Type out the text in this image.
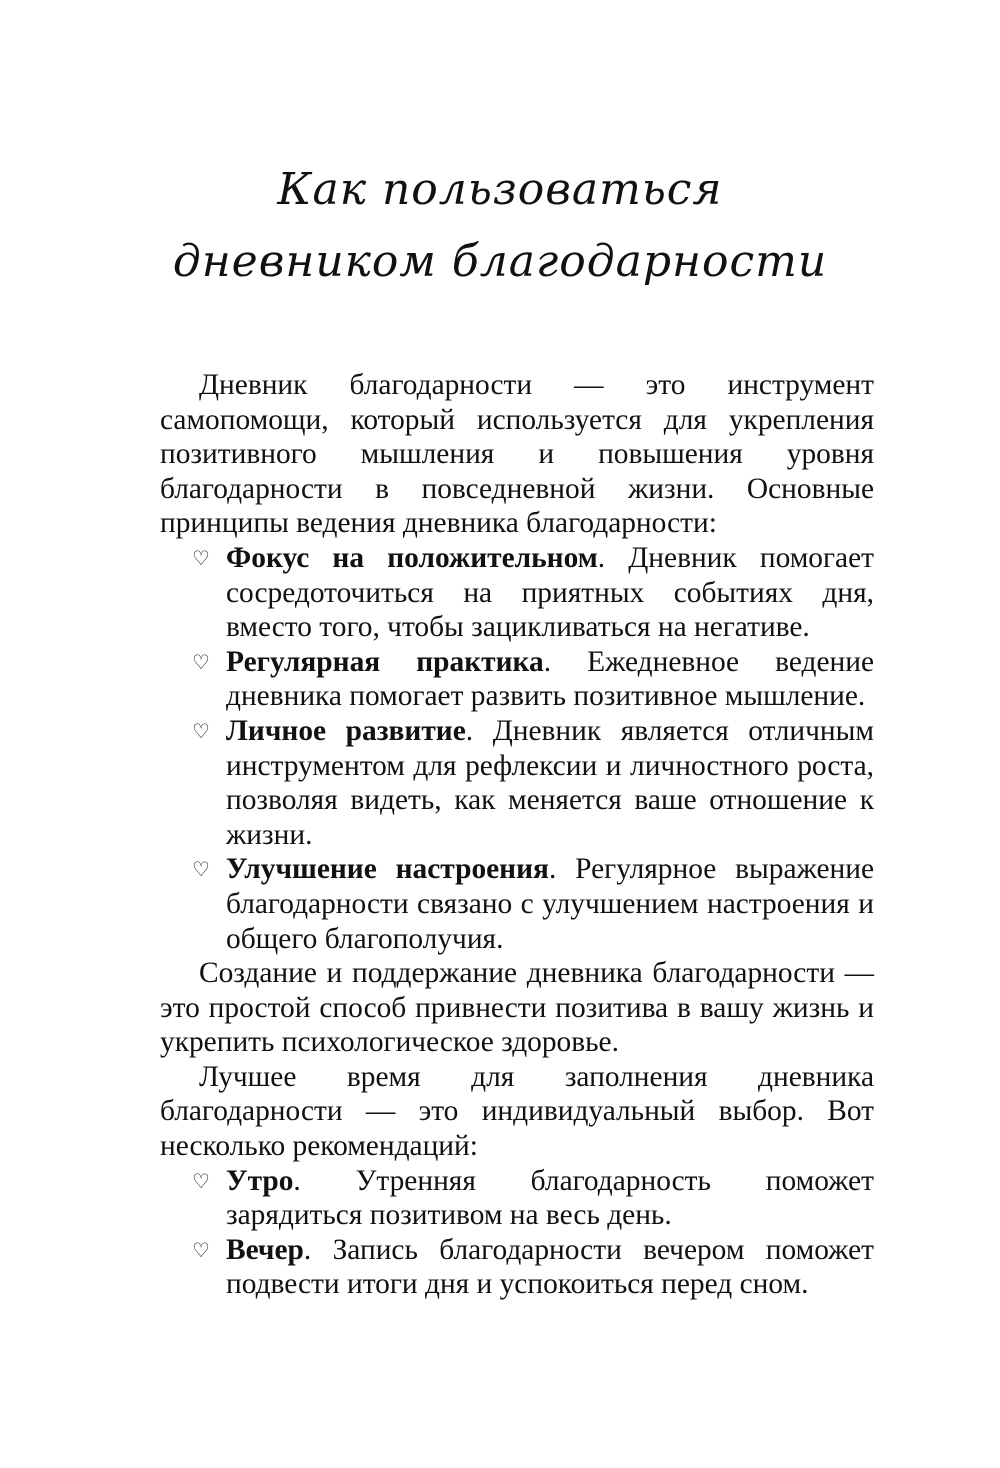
Как пользоваться
дневником благодарности

Дневник благодарности — это инструмент самопомощи, который используется для укрепления позитивного мышления и повышения уровня благодарности в повседневной жизни. Основные принципы ведения дневника благодарности:

♡ Фокус на положительном. Дневник помогает сосредоточиться на приятных событиях дня, вместо того, чтобы зацикливаться на негативе.
♡ Регулярная практика. Ежедневное ведение дневника помогает развить позитивное мышление.
♡ Личное развитие. Дневник является отличным инструментом для рефлексии и личностного роста, позволяя видеть, как меняется ваше отношение к жизни.
♡ Улучшение настроения. Регулярное выражение благодарности связано с улучшением настроения и общего благополучия.

Создание и поддержание дневника благодарности — это простой способ привнести позитива в вашу жизнь и укрепить психологическое здоровье.

Лучшее время для заполнения дневника благодарности — это индивидуальный выбор. Вот несколько рекомендаций:

♡ Утро. Утренняя благодарность поможет зарядиться позитивом на весь день.
♡ Вечер. Запись благодарности вечером поможет подвести итоги дня и успокоиться перед сном.
